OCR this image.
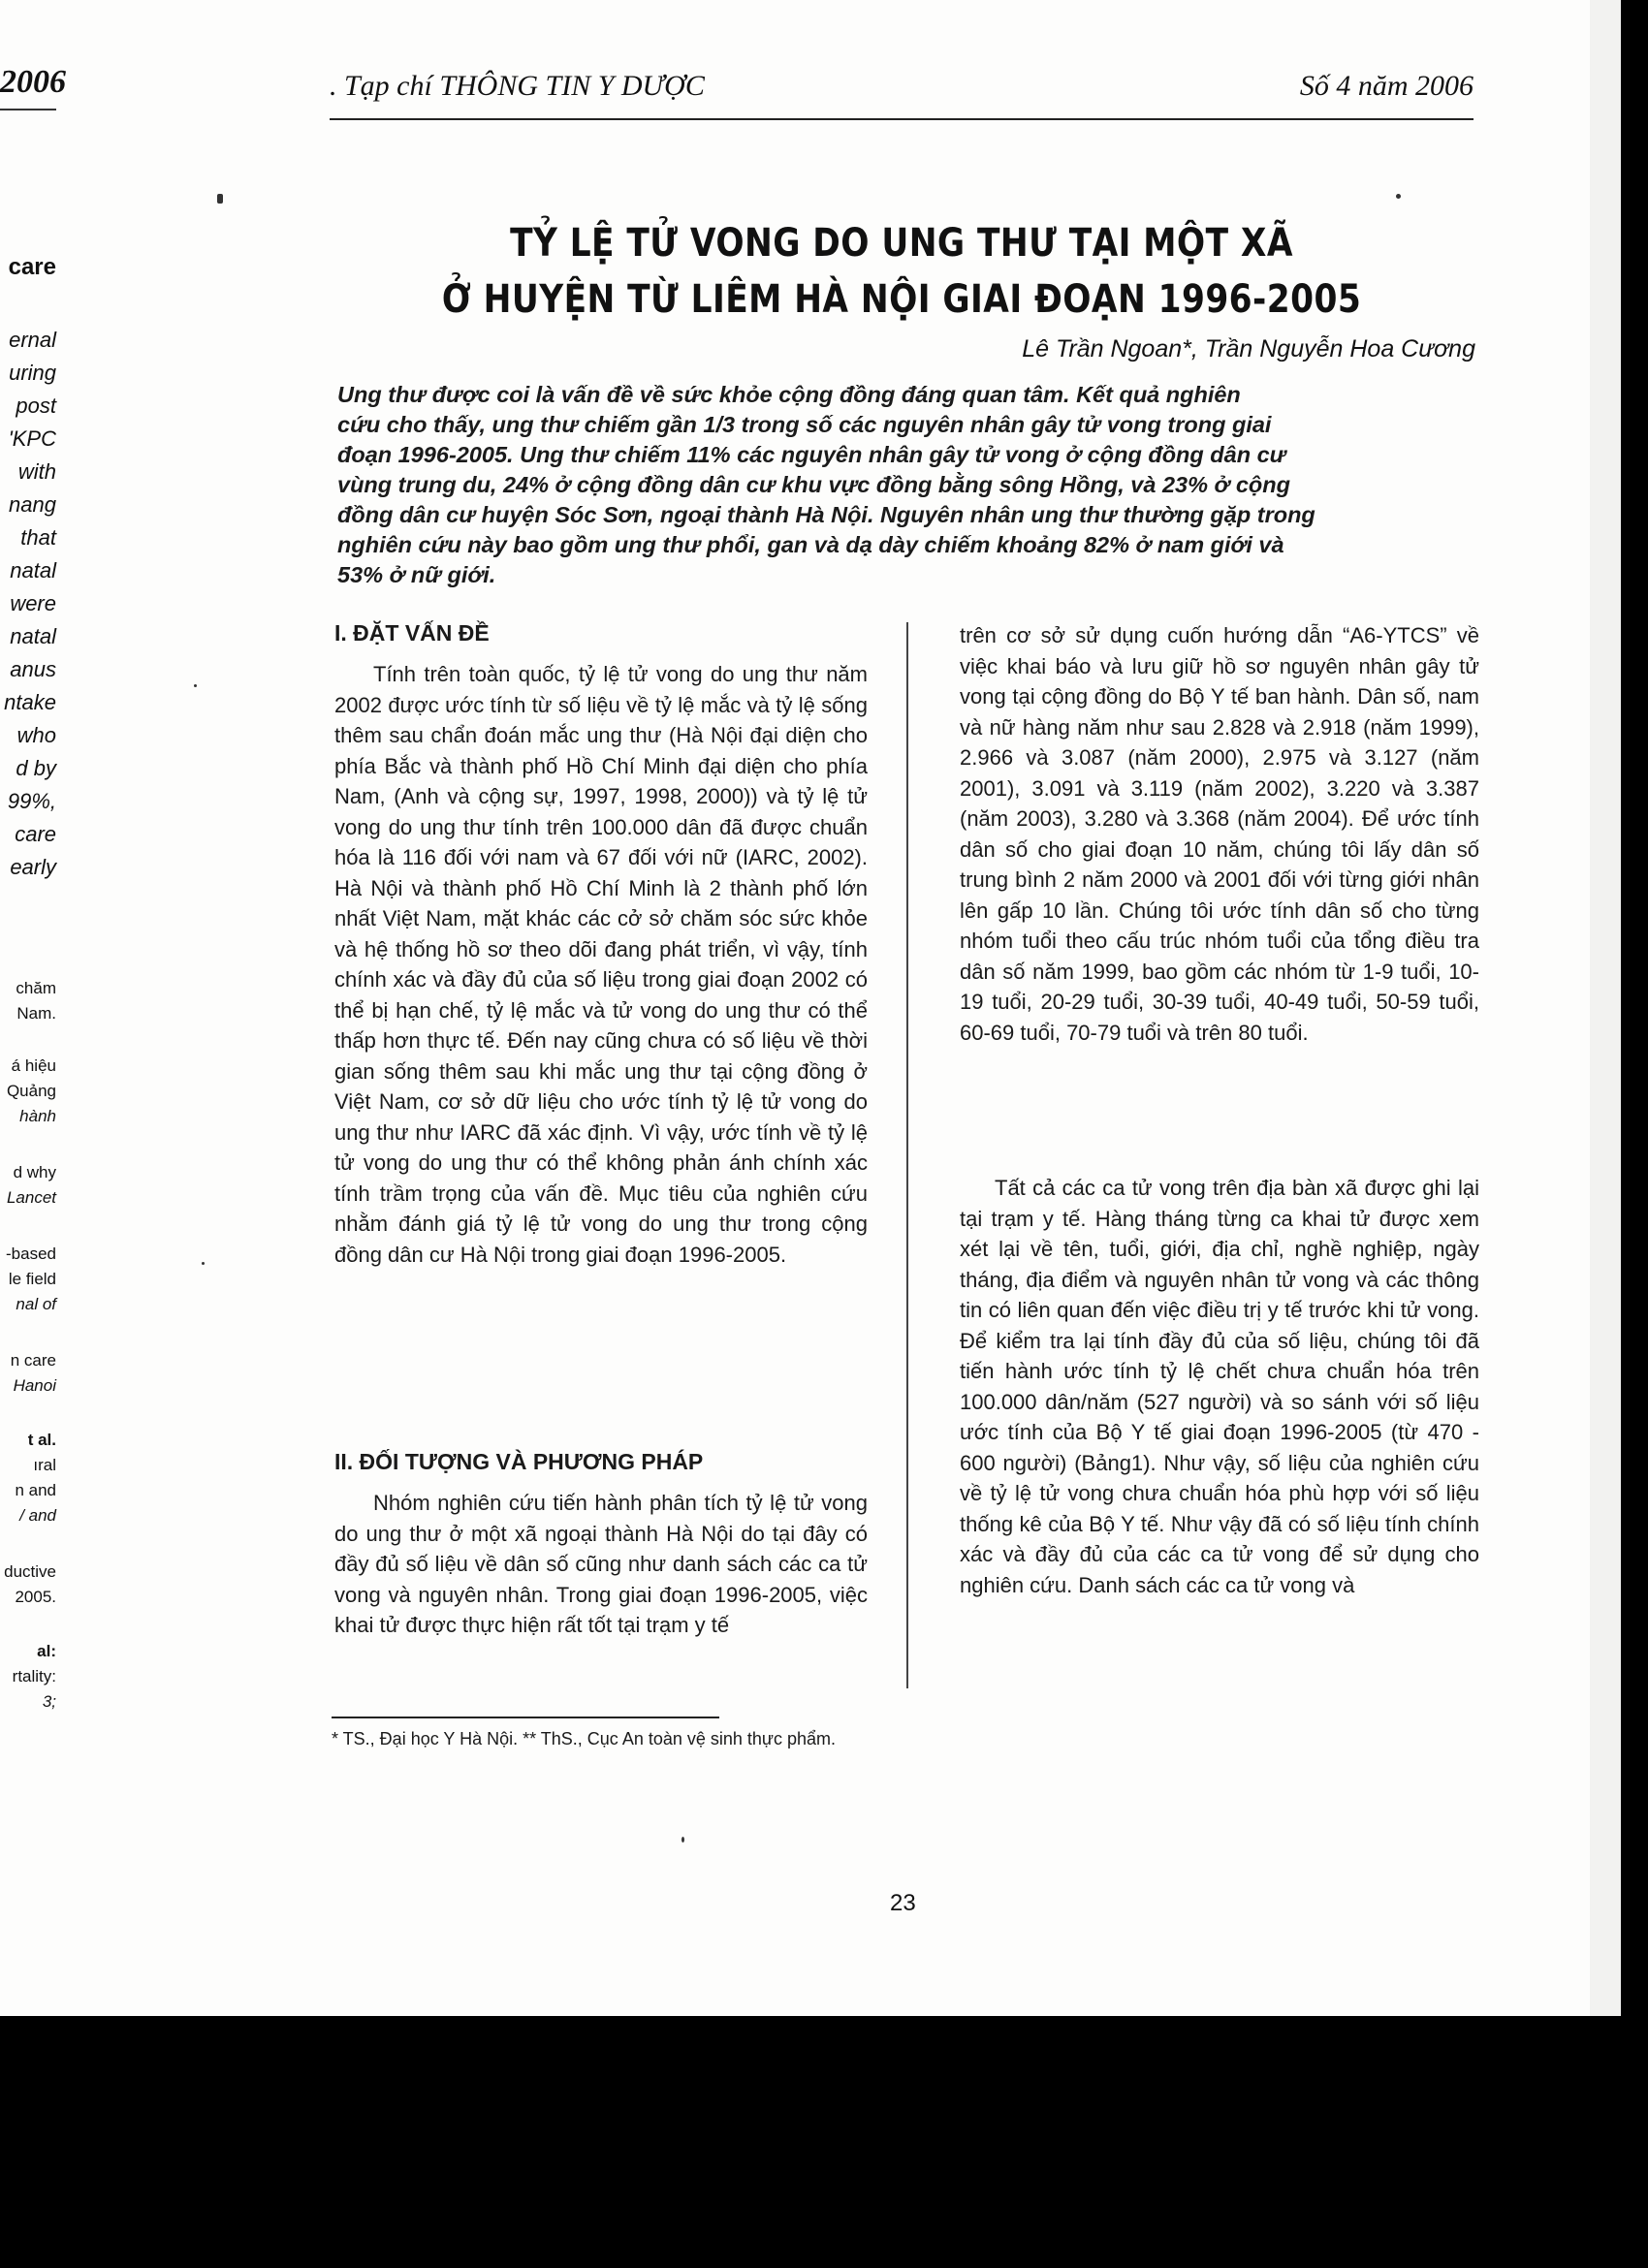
2006
care
ernal
uring
post
'KPC
with
nang
that
natal
were
natal
anus
ntake
who
d by
99%,
care
early
chăm
Nam.
á hiệu
Quảng
hành
d why
Lancet
-based
le field
nal of
n care
Hanoi
t al.
ıral
n and
/ and
ductive
2005.
al:
rtality:
3;
. Tạp chí THÔNG TIN Y DƯỢC	Số 4 năm 2006
TỶ LỆ TỬ VONG DO UNG THƯ TẠI MỘT XÃ
Ở HUYỆN TỪ LIÊM HÀ NỘI GIAI ĐOẠN 1996-2005
Lê Trần Ngoan*, Trần Nguyễn Hoa Cương
Ung thư được coi là vấn đề về sức khỏe cộng đồng đáng quan tâm. Kết quả nghiên
cứu cho thấy, ung thư chiếm gần 1/3 trong số các nguyên nhân gây tử vong trong giai
đoạn 1996-2005. Ung thư chiếm 11% các nguyên nhân gây tử vong ở cộng đồng dân cư
vùng trung du, 24% ở cộng đồng dân cư khu vực đồng bằng sông Hồng, và 23% ở cộng
đồng dân cư huyện Sóc Sơn, ngoại thành Hà Nội. Nguyên nhân ung thư thường gặp trong
nghiên cứu này bao gồm ung thư phổi, gan và dạ dày chiếm khoảng 82% ở nam giới và
53% ở nữ giới.
I. ĐẶT VẤN ĐỀ
Tính trên toàn quốc, tỷ lệ tử vong do ung thư năm 2002 được ước tính từ số liệu về tỷ lệ mắc và tỷ lệ sống thêm sau chẩn đoán mắc ung thư (Hà Nội đại diện cho phía Bắc và thành phố Hồ Chí Minh đại diện cho phía Nam, (Anh và cộng sự, 1997, 1998, 2000)) và tỷ lệ tử vong do ung thư tính trên 100.000 dân đã được chuẩn hóa là 116 đối với nam và 67 đối với nữ (IARC, 2002). Hà Nội và thành phố Hồ Chí Minh là 2 thành phố lớn nhất Việt Nam, mặt khác các cở sở chăm sóc sức khỏe và hệ thống hồ sơ theo dõi đang phát triển, vì vậy, tính chính xác và đầy đủ của số liệu trong giai đoạn 2002 có thể bị hạn chế, tỷ lệ mắc và tử vong do ung thư có thể thấp hơn thực tế. Đến nay cũng chưa có số liệu về thời gian sống thêm sau khi mắc ung thư tại cộng đồng ở Việt Nam, cơ sở dữ liệu cho ước tính tỷ lệ tử vong do ung thư như IARC đã xác định. Vì vậy, ước tính về tỷ lệ tử vong do ung thư có thể không phản ánh chính xác tính trầm trọng của vấn đề. Mục tiêu của nghiên cứu nhằm đánh giá tỷ lệ tử vong do ung thư trong cộng đồng dân cư Hà Nội trong giai đoạn 1996-2005.
II. ĐỐI TƯỢNG VÀ PHƯƠNG PHÁP
Nhóm nghiên cứu tiến hành phân tích tỷ lệ tử vong do ung thư ở một xã ngoại thành Hà Nội do tại đây có đầy đủ số liệu về dân số cũng như danh sách các ca tử vong và nguyên nhân. Trong giai đoạn 1996-2005, việc khai tử được thực hiện rất tốt tại trạm y tế
trên cơ sở sử dụng cuốn hướng dẫn “A6-YTCS” về việc khai báo và lưu giữ hồ sơ nguyên nhân gây tử vong tại cộng đồng do Bộ Y tế ban hành. Dân số, nam và nữ hàng năm như sau 2.828 và 2.918 (năm 1999), 2.966 và 3.087 (năm 2000), 2.975 và 3.127 (năm 2001), 3.091 và 3.119 (năm 2002), 3.220 và 3.387 (năm 2003), 3.280 và 3.368 (năm 2004). Để ước tính dân số cho giai đoạn 10 năm, chúng tôi lấy dân số trung bình 2 năm 2000 và 2001 đối với từng giới nhân lên gấp 10 lần. Chúng tôi ước tính dân số cho từng nhóm tuổi theo cấu trúc nhóm tuổi của tổng điều tra dân số năm 1999, bao gồm các nhóm từ 1-9 tuổi, 10-19 tuổi, 20-29 tuổi, 30-39 tuổi, 40-49 tuổi, 50-59 tuổi, 60-69 tuổi, 70-79 tuổi và trên 80 tuổi.
Tất cả các ca tử vong trên địa bàn xã được ghi lại tại trạm y tế. Hàng tháng từng ca khai tử được xem xét lại về tên, tuổi, giới, địa chỉ, nghề nghiệp, ngày tháng, địa điểm và nguyên nhân tử vong và các thông tin có liên quan đến việc điều trị y tế trước khi tử vong. Để kiểm tra lại tính đầy đủ của số liệu, chúng tôi đã tiến hành ước tính tỷ lệ chết chưa chuẩn hóa trên 100.000 dân/năm (527 người) và so sánh với số liệu ước tính của Bộ Y tế giai đoạn 1996-2005 (từ 470 - 600 người) (Bảng1). Như vậy, số liệu của nghiên cứu về tỷ lệ tử vong chưa chuẩn hóa phù hợp với số liệu thống kê của Bộ Y tế. Như vậy đã có số liệu tính chính xác và đầy đủ của các ca tử vong để sử dụng cho nghiên cứu. Danh sách các ca tử vong và
* TS., Đại học Y Hà Nội. ** ThS., Cục An toàn vệ sinh thực phẩm.
23
